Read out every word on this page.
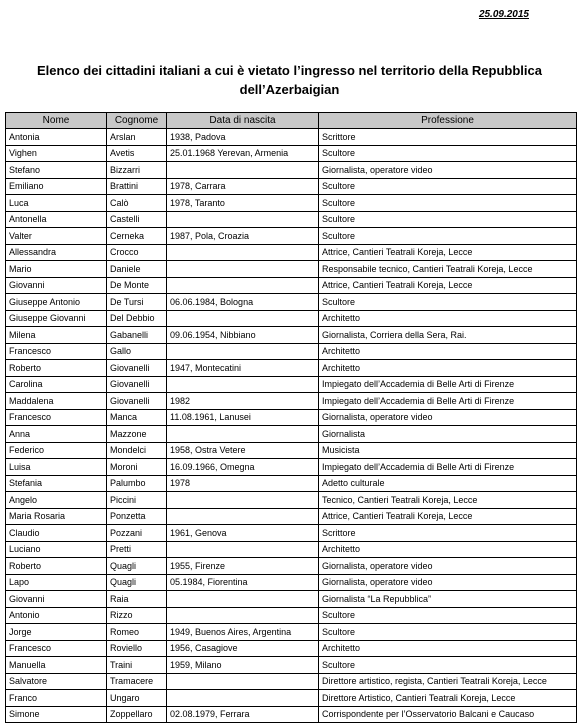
25.09.2015
Elenco dei cittadini italiani a cui è vietato l’ingresso nel territorio della Repubblica dell’Azerbaigian
Nome	Cognome	Data di nascita	Professione
Antonia	Arslan	1938, Padova	Scrittore
Vighen	Avetis	25.01.1968 Yerevan, Armenia	Scultore
Stefano	Bizzarri		Giornalista, operatore video
Emiliano	Brattini	1978, Carrara	Scultore
Luca	Calò	1978, Taranto	Scultore
Antonella	Castelli		Scultore
Valter	Cerneka	1987, Pola, Croazia	Scultore
Allessandra	Crocco		Attrice, Cantieri Teatrali Koreja, Lecce
Mario	Daniele		Responsabile tecnico, Cantieri Teatrali Koreja, Lecce
Giovanni	De Monte		Attrice, Cantieri Teatrali Koreja, Lecce
Giuseppe Antonio	De Tursi	06.06.1984, Bologna	Scultore
Giuseppe Giovanni	Del Debbio		Architetto
Milena	Gabanelli	09.06.1954, Nibbiano	Giornalista, Corriera della Sera, Rai.
Francesco	Gallo		Architetto
Roberto	Giovanelli	1947, Montecatini	Architetto
Carolina	Giovanelli		Impiegato dell’Accademia di Belle Arti di Firenze
Maddalena	Giovanelli	1982	Impiegato dell’Accademia di Belle Arti di Firenze
Francesco	Manca	11.08.1961, Lanusei	Giornalista, operatore video
Anna	Mazzone		Giornalista
Federico	Mondelci	1958, Ostra Vetere	Musicista
Luisa	Moroni	16.09.1966, Omegna	Impiegato dell’Accademia di Belle Arti di Firenze
Stefania	Palumbo	1978	Adetto culturale
Angelo	Piccini		Tecnico, Cantieri Teatrali Koreja, Lecce
Maria Rosaria	Ponzetta		Attrice, Cantieri Teatrali Koreja, Lecce
Claudio	Pozzani	1961, Genova	Scrittore
Luciano	Pretti		Architetto
Roberto	Quagli	1955, Firenze	Giornalista, operatore video
Lapo	Quagli	05.1984, Fiorentina	Giornalista, operatore video
Giovanni	Raia		Giornalista “La Repubblica”
Antonio	Rizzo		Scultore
Jorge	Romeo	1949, Buenos Aires, Argentina	Scultore
Francesco	Roviello	1956, Casagiove	Architetto
Manuella	Traini	1959, Milano	Scultore
Salvatore	Tramacere		Direttore artistico, regista, Cantieri Teatrali Koreja, Lecce
Franco	Ungaro		Direttore Artistico, Cantieri Teatrali Koreja, Lecce
Simone	Zoppellaro	02.08.1979, Ferrara	Corrispondente per l’Osservatorio Balcani e Caucaso
